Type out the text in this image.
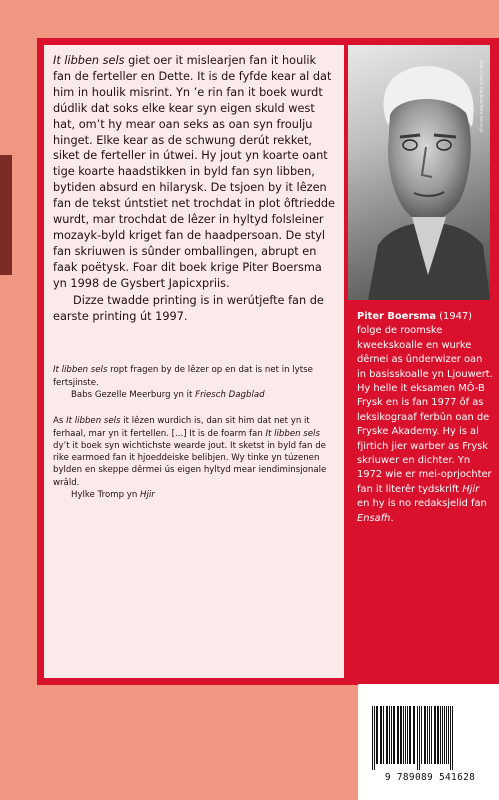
It libben sels giet oer it mislearjen fan it houlik fan de ferteller en Dette. It is de fyfde kear al dat him in houlik misrint. Yn ’e rin fan it boek wurdt dúdlik dat soks elke kear syn eigen skuld west hat, om’t hy mear oan seks as oan syn froulju hinget. Elke kear as de schwung derút rekket, siket de ferteller in útwei. Hy jout yn koarte oant tige koarte haadstikken in byld fan syn libben, bytiden absurd en hilarysk. De tsjoen by it lêzen fan de tekst úntstiet net trochdat in plot ôftriedde wurdt, mar trochdat de lêzer in hyltyd folsleiner mozayk-byld kriget fan de haadpersoan. De styl fan skriuwen is sûnder omballingen, abrupt en faak poëtysk. Foar dit boek krige Piter Boersma yn 1998 de Gysbert Japicxpriis.

Dizze twadde printing is in werútjefte fan de earste printing út 1997.

It libben sels ropt fragen by de lêzer op en dat is net in lytse fertsjinste.

Babs Gezelle Meerburg yn it Friesch Dagblad

As It libben sels it lêzen wurdich is, dan sit him dat net yn it ferhaal, mar yn it fertellen. [...] It is de foarm fan It libben sels dy’t it boek syn wichtichste wearde jout. It sketst in byld fan de rike earmoed fan it hjoeddeiske belibjen. Wy tinke yn túzenen bylden en skeppe dêrmei ús eigen hyltyd mear iendiminsjonale wrâld.

Hylke Tromp yn Hjir

Foto: Friesch Dagblad/Hans Anninga

Piter Boersma (1947) folge de roomske kweekskoalle en wurke dêrnei as ûnderwizer oan in basisskoalle yn Ljouwert. Hy helle it eksamen MÔ-B Frysk en is fan 1977 ôf as leksikograaf ferbûn oan de Fryske Akademy. Hy is al fjirtich jier warber as Frysk skriuwer en dichter. Yn 1972 wie er mei-oprjochter fan it literêr tydskrift Hjir en hy is no redaksjelid fan Ensafh.

9 789089 541628
